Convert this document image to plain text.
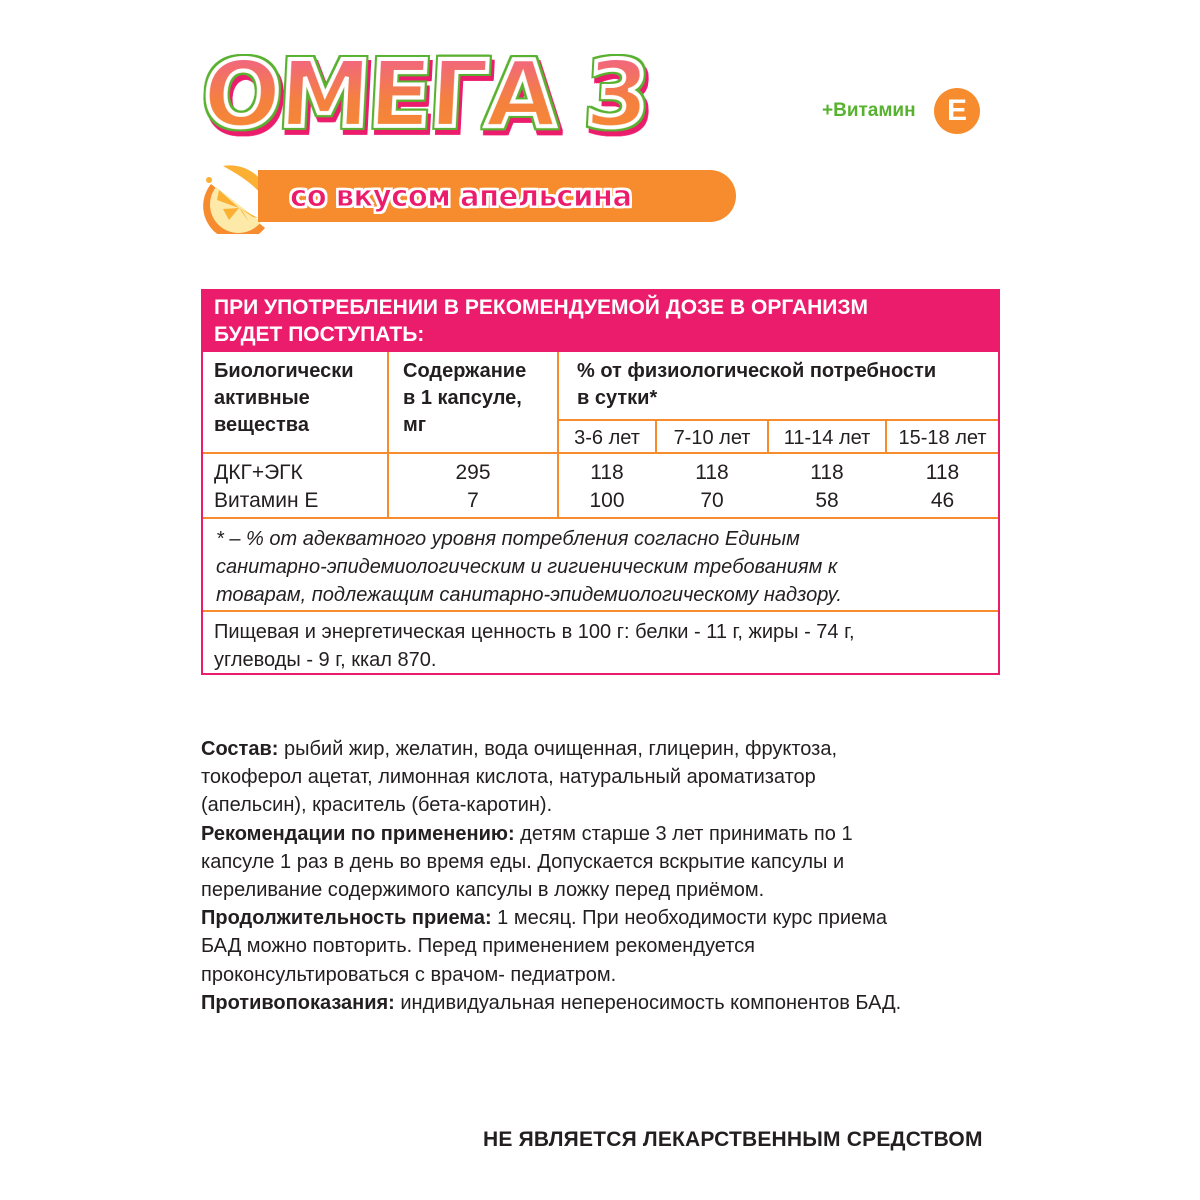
ОМЕГА 3
со вкусом апельсина
+Витамин	Е
ПРИ УПОТРЕБЛЕНИИ В РЕКОМЕНДУЕМОЙ ДОЗЕ В ОРГАНИЗМ
БУДЕТ ПОСТУПАТЬ:
Биологически
активные
вещества
Содержание
в 1 капсуле,
мг
% от физиологической потребности
в сутки*
3-6 лет	7-10 лет	11-14 лет	15-18 лет
ДКГ+ЭГК	295	118	118	118	118
Витамин Е	7	100	70	58	46
* – % от адекватного уровня потребления согласно Единым
санитарно-эпидемиологическим и гигиеническим требованиям к
товарам, подлежащим санитарно-эпидемиологическому надзору.
Пищевая и энергетическая ценность в 100 г: белки - 11 г, жиры - 74 г,
углеводы - 9 г, ккал 870.
Состав: рыбий жир, желатин, вода очищенная, глицерин, фруктоза,
токоферол ацетат, лимонная кислота, натуральный ароматизатор
(апельсин), краситель (бета-каротин).
Рекомендации по применению: детям старше 3 лет принимать по 1
капсуле 1 раз в день во время еды. Допускается вскрытие капсулы и
переливание содержимого капсулы в ложку перед приёмом.
Продолжительность приема: 1 месяц. При необходимости курс приема
БАД можно повторить. Перед применением рекомендуется
проконсультироваться с врачом- педиатром.
Противопоказания: индивидуальная непереносимость компонентов БАД.
НЕ ЯВЛЯЕТСЯ ЛЕКАРСТВЕННЫМ СРЕДСТВОМ
